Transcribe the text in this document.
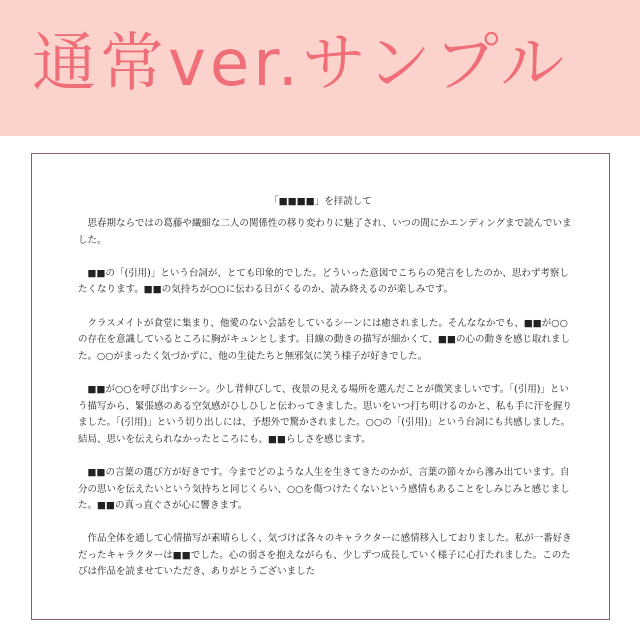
通常ver.サンプル
「■■■■」を拝読して

思春期ならではの葛藤や繊細な二人の関係性の移り変わりに魅了され、いつの間にかエンディングまで読んでいました。

■■の「(引用)」という台詞が、とても印象的でした。どういった意図でこちらの発言をしたのか、思わず考察したくなります。■■の気持ちが○○に伝わる日がくるのか、読み終えるのが楽しみです。

クラスメイトが食堂に集まり、他愛のない会話をしているシーンには癒されました。そんななかでも、■■が○○の存在を意識しているところに胸がキュンとします。目線の動きの描写が細かくて、■■の心の動きを感じ取れました。○○がまったく気づかずに、他の生徒たちと無邪気に笑う様子が好きでした。

■■が○○を呼び出すシーン。少し背伸びして、夜景の見える場所を選んだことが微笑ましいです。「(引用)」という描写から、緊張感のある空気感がひしひしと伝わってきました。思いをいつ打ち明けるのかと、私も手に汗を握りました。「(引用)」という切り出しには、予想外で驚かされました。○○の「(引用)」という台詞にも共感しました。結局、思いを伝えられなかったところにも、■■らしさを感じます。

■■の言葉の選び方が好きです。今までどのような人生を生きてきたのかが、言葉の節々から滲み出ています。自分の思いを伝えたいという気持ちと同じくらい、○○を傷つけたくないという感情もあることをしみじみと感じました。■■の真っ直ぐさが心に響きます。

作品全体を通して心情描写が素晴らしく、気づけば各々のキャラクターに感情移入しておりました。私が一番好きだったキャラクターは■■でした。心の弱さを抱えながらも、少しずつ成長していく様子に心打たれました。このたびは作品を読ませていただき、ありがとうございました
